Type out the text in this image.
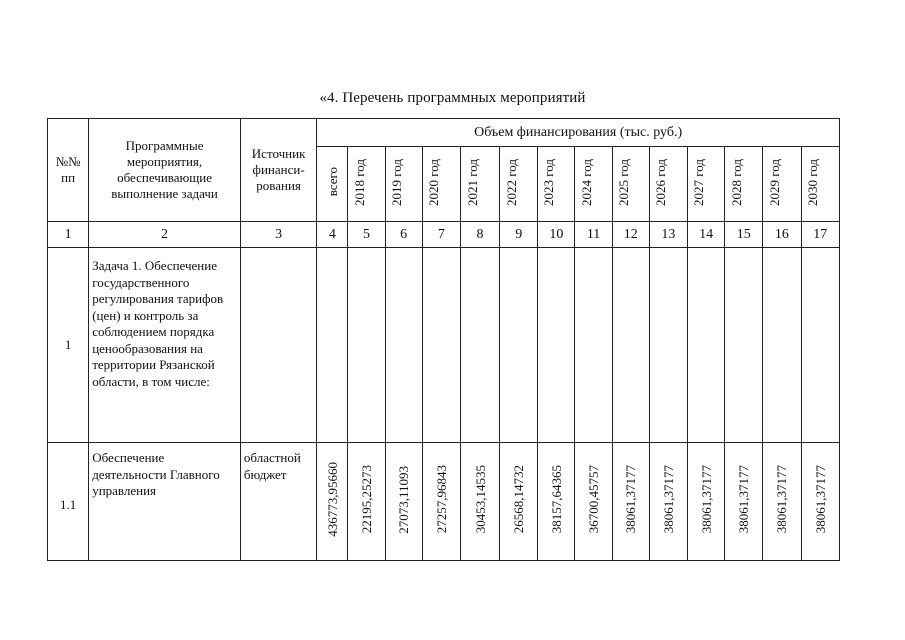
«4. Перечень программных мероприятий
№№ пп	Программные мероприятия, обеспечивающие выполнение задачи	Источник финанси-рования	Объем финансирования (тыс. руб.)													
			всего	2018 год	2019 год	2020 год	2021 год	2022 год	2023 год	2024 год	2025 год	2026 год	2027 год	2028 год	2029 год	2030 год
1	2	3	4	5	6	7	8	9	10	11	12	13	14	15	16	17
1	Задача 1. Обеспечение государственного регулирования тарифов (цен) и контроль за соблюдением порядка ценообразования на территории Рязанской области, в том числе:															
1.1	Обеспечение деятельности Главного управления	областной бюджет	436773,95660	22195,25273	27073,11093	27257,96843	30453,14535	26568,14732	38157,64365	36700,45757	38061,37177	38061,37177	38061,37177	38061,37177	38061,37177	38061,37177
